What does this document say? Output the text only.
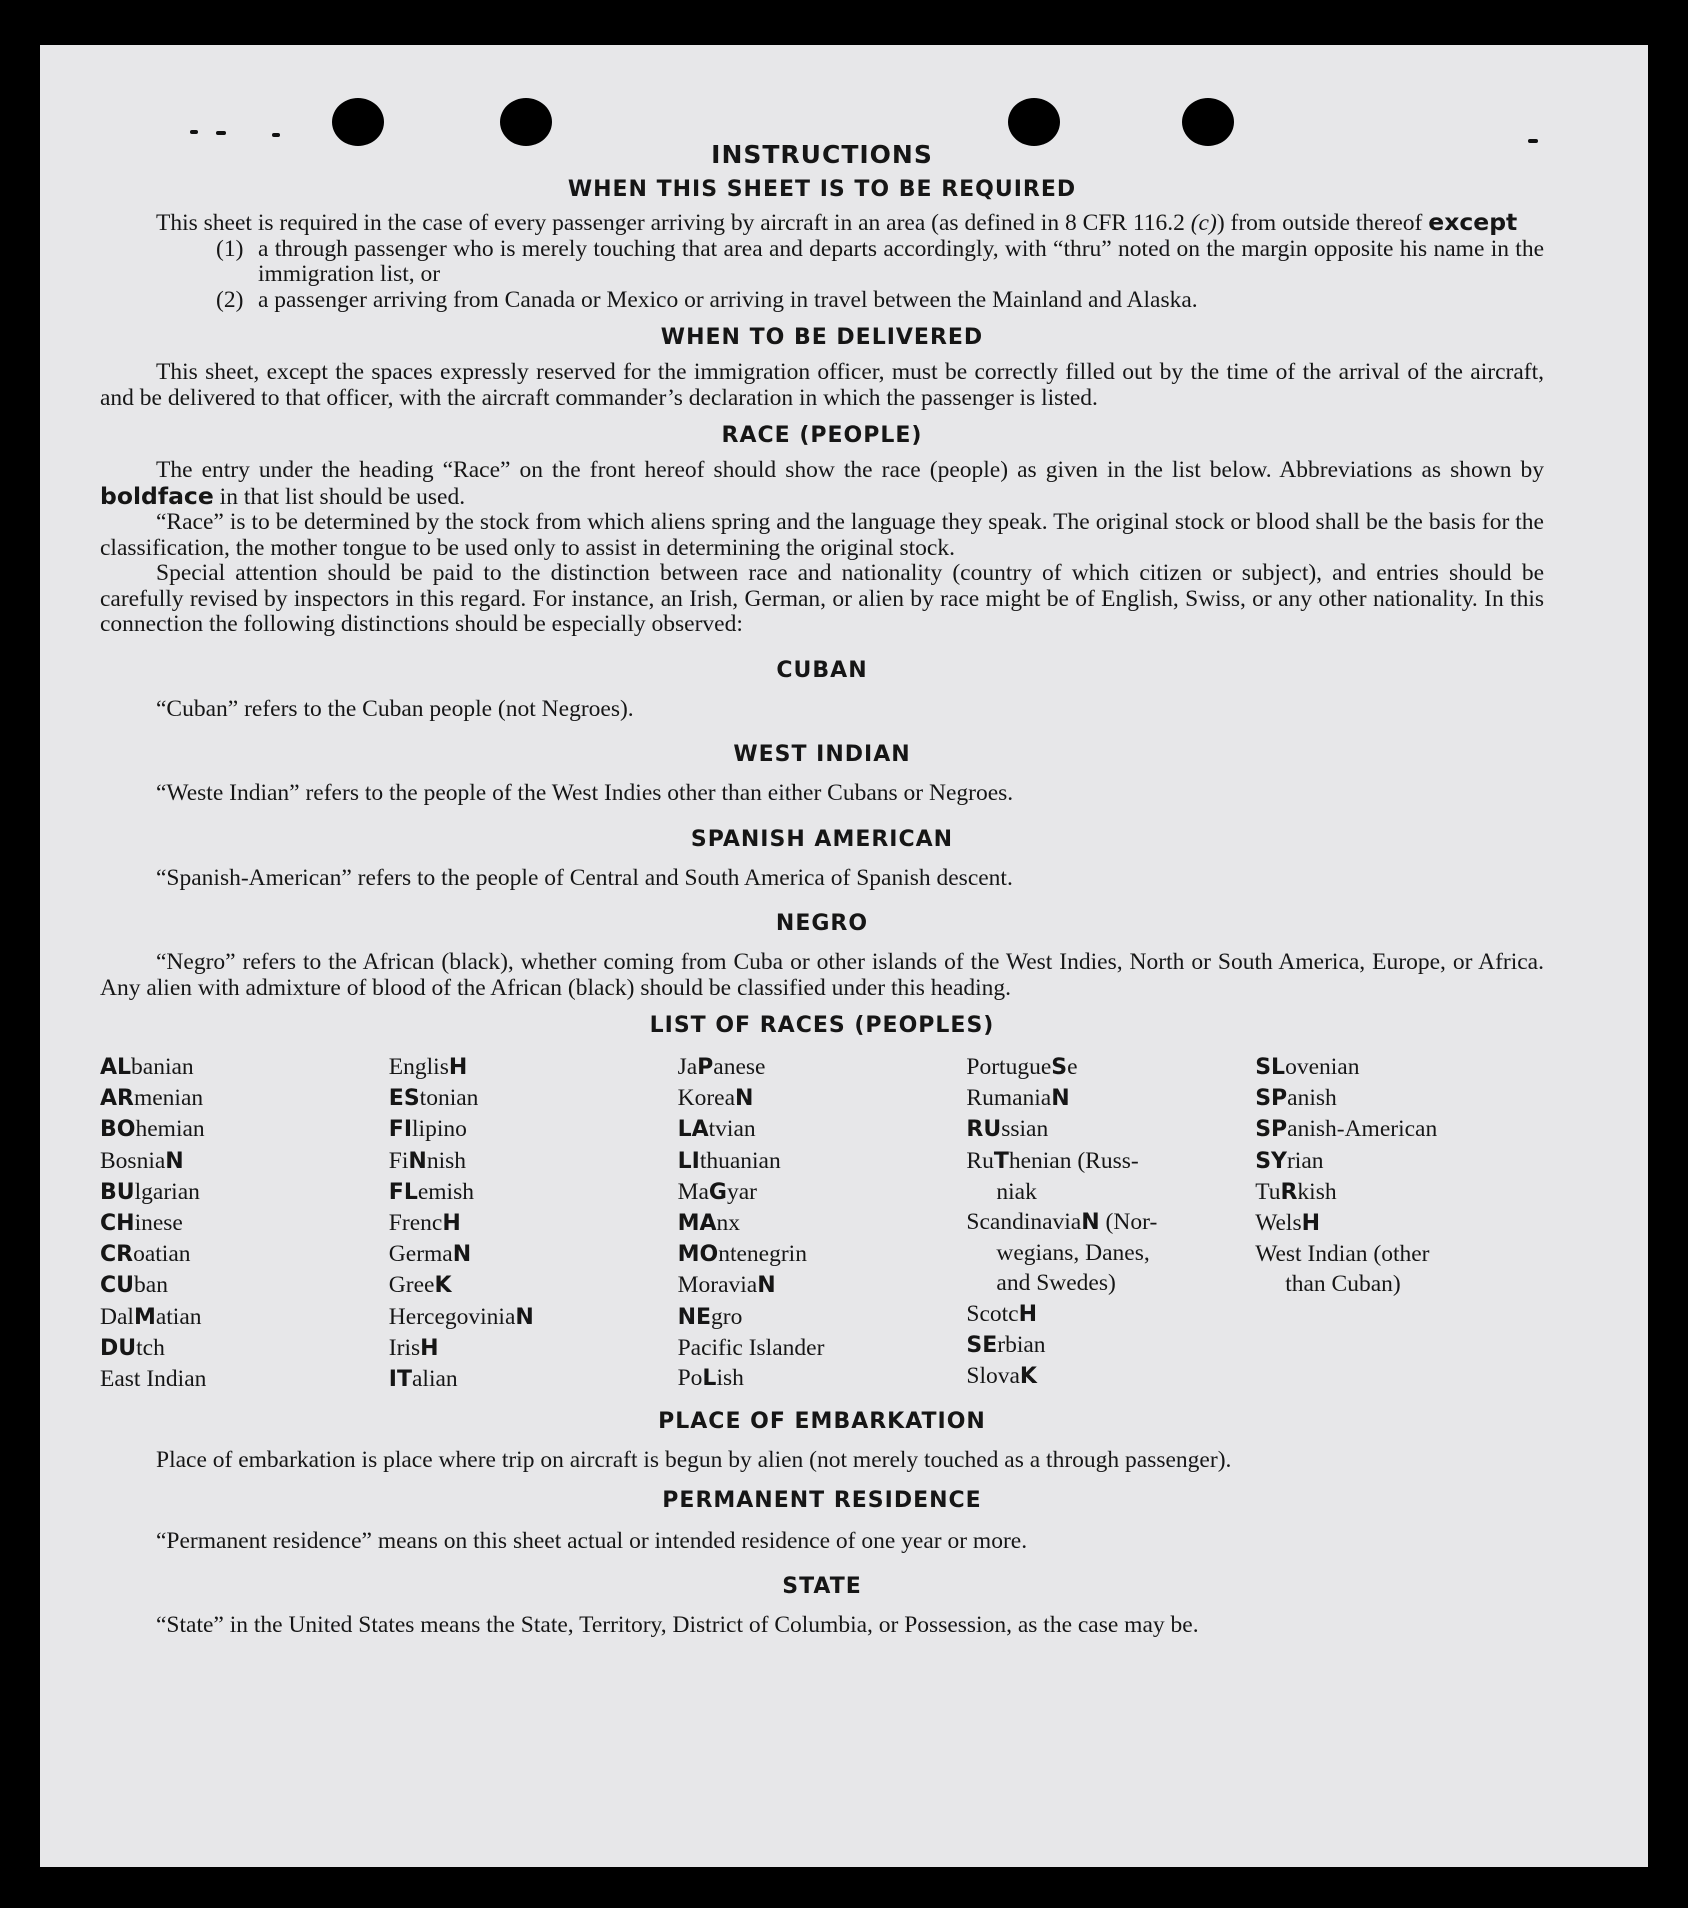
INSTRUCTIONS
WHEN THIS SHEET IS TO BE REQUIRED

This sheet is required in the case of every passenger arriving by aircraft in an area (as defined in 8 CFR 116.2 (c)) from outside thereof except

(1) a through passenger who is merely touching that area and departs accordingly, with “thru” noted on the margin opposite his name in the immigration list, or
(2) a passenger arriving from Canada or Mexico or arriving in travel between the Mainland and Alaska.
WHEN TO BE DELIVERED

This sheet, except the spaces expressly reserved for the immigration officer, must be correctly filled out by the time of the arrival of the aircraft, and be delivered to that officer, with the aircraft commander’s declaration in which the passenger is listed.

RACE (PEOPLE)

The entry under the heading “Race” on the front hereof should show the race (people) as given in the list below. Abbreviations as shown by boldface in that list should be used.

“Race” is to be determined by the stock from which aliens spring and the language they speak. The original stock or blood shall be the basis for the classification, the mother tongue to be used only to assist in determining the original stock.

Special attention should be paid to the distinction between race and nationality (country of which citizen or subject), and entries should be carefully revised by inspectors in this regard. For instance, an Irish, German, or alien by race might be of English, Swiss, or any other nationality. In this connection the following distinctions should be especially observed:

CUBAN

“Cuban” refers to the Cuban people (not Negroes).

WEST INDIAN

“Weste Indian” refers to the people of the West Indies other than either Cubans or Negroes.

SPANISH AMERICAN

“Spanish-American” refers to the people of Central and South America of Spanish descent.

NEGRO

“Negro” refers to the African (black), whether coming from Cuba or other islands of the West Indies, North or South America, Europe, or Africa. Any alien with admixture of blood of the African (black) should be classified under this heading.

LIST OF RACES (PEOPLES)
ALbanian
ARmenian
BOhemian
BosniaN
BUlgarian
CHinese
CRoatian
CUban
DalMatian
DUtch
East Indian
EnglisH
EStonian
FIlipino
FiNnish
FLemish
FrencH
GermaN
GreeK
HercegoviniaN
IrisH
ITalian
JaPanese
KoreaN
LAtvian
LIthuanian
MaGyar
MAnx
MOntenegrin
MoraviaN
NEgro
Pacific Islander
PoLish
PortugueSe
RumaniaN
RUssian
RuThenian (Russ-
niak
ScandinaviaN (Nor-
wegians, Danes,
and Swedes)
ScotcH
SErbian
SlovaK
SLovenian
SPanish
SPanish-American
SYrian
TuRkish
WelsH
West Indian (other
than Cuban)
PLACE OF EMBARKATION

Place of embarkation is place where trip on aircraft is begun by alien (not merely touched as a through passenger).

PERMANENT RESIDENCE

“Permanent residence” means on this sheet actual or intended residence of one year or more.

STATE

“State” in the United States means the State, Territory, District of Columbia, or Possession, as the case may be.
